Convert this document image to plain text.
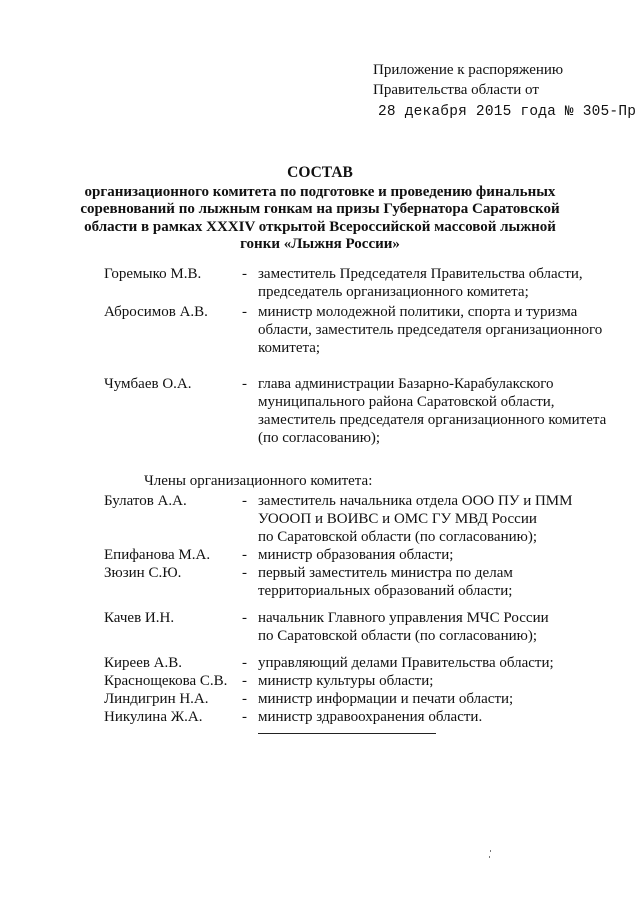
Приложение к распоряжению
Правительства области от
28 декабря 2015 года № 305-Пр
СОСТАВ
организационного комитета по подготовке и проведению финальных
соревнований по лыжным гонкам на призы Губернатора Саратовской
области в рамках XXXIV открытой Всероссийской массовой лыжной
гонки «Лыжня России»
Горемыко М.В.	- заместитель Председателя Правительства области,
председатель организационного комитета;
Абросимов А.В.	- министр молодежной политики, спорта и туризма
области, заместитель председателя организационного
комитета;
Чумбаев О.А.	- глава администрации Базарно-Карабулакского
муниципального района Саратовской области,
заместитель председателя организационного комитета
(по согласованию);
Члены организационного комитета:
Булатов А.А.	- заместитель начальника отдела ООО ПУ и ПММ
УОООП и ВОИВС и ОМС ГУ МВД России
по Саратовской области (по согласованию);
Епифанова М.А.	- министр образования области;
Зюзин С.Ю.	- первый заместитель министра по делам
территориальных образований области;
Качев И.Н.	- начальник Главного управления МЧС России
по Саратовской области (по согласованию);
Киреев А.В.	- управляющий делами Правительства области;
Краснощекова С.В. - министр культуры области;
Линдигрин Н.А.	- министр информации и печати области;
Никулина Ж.А.	- министр здравоохранения области.
